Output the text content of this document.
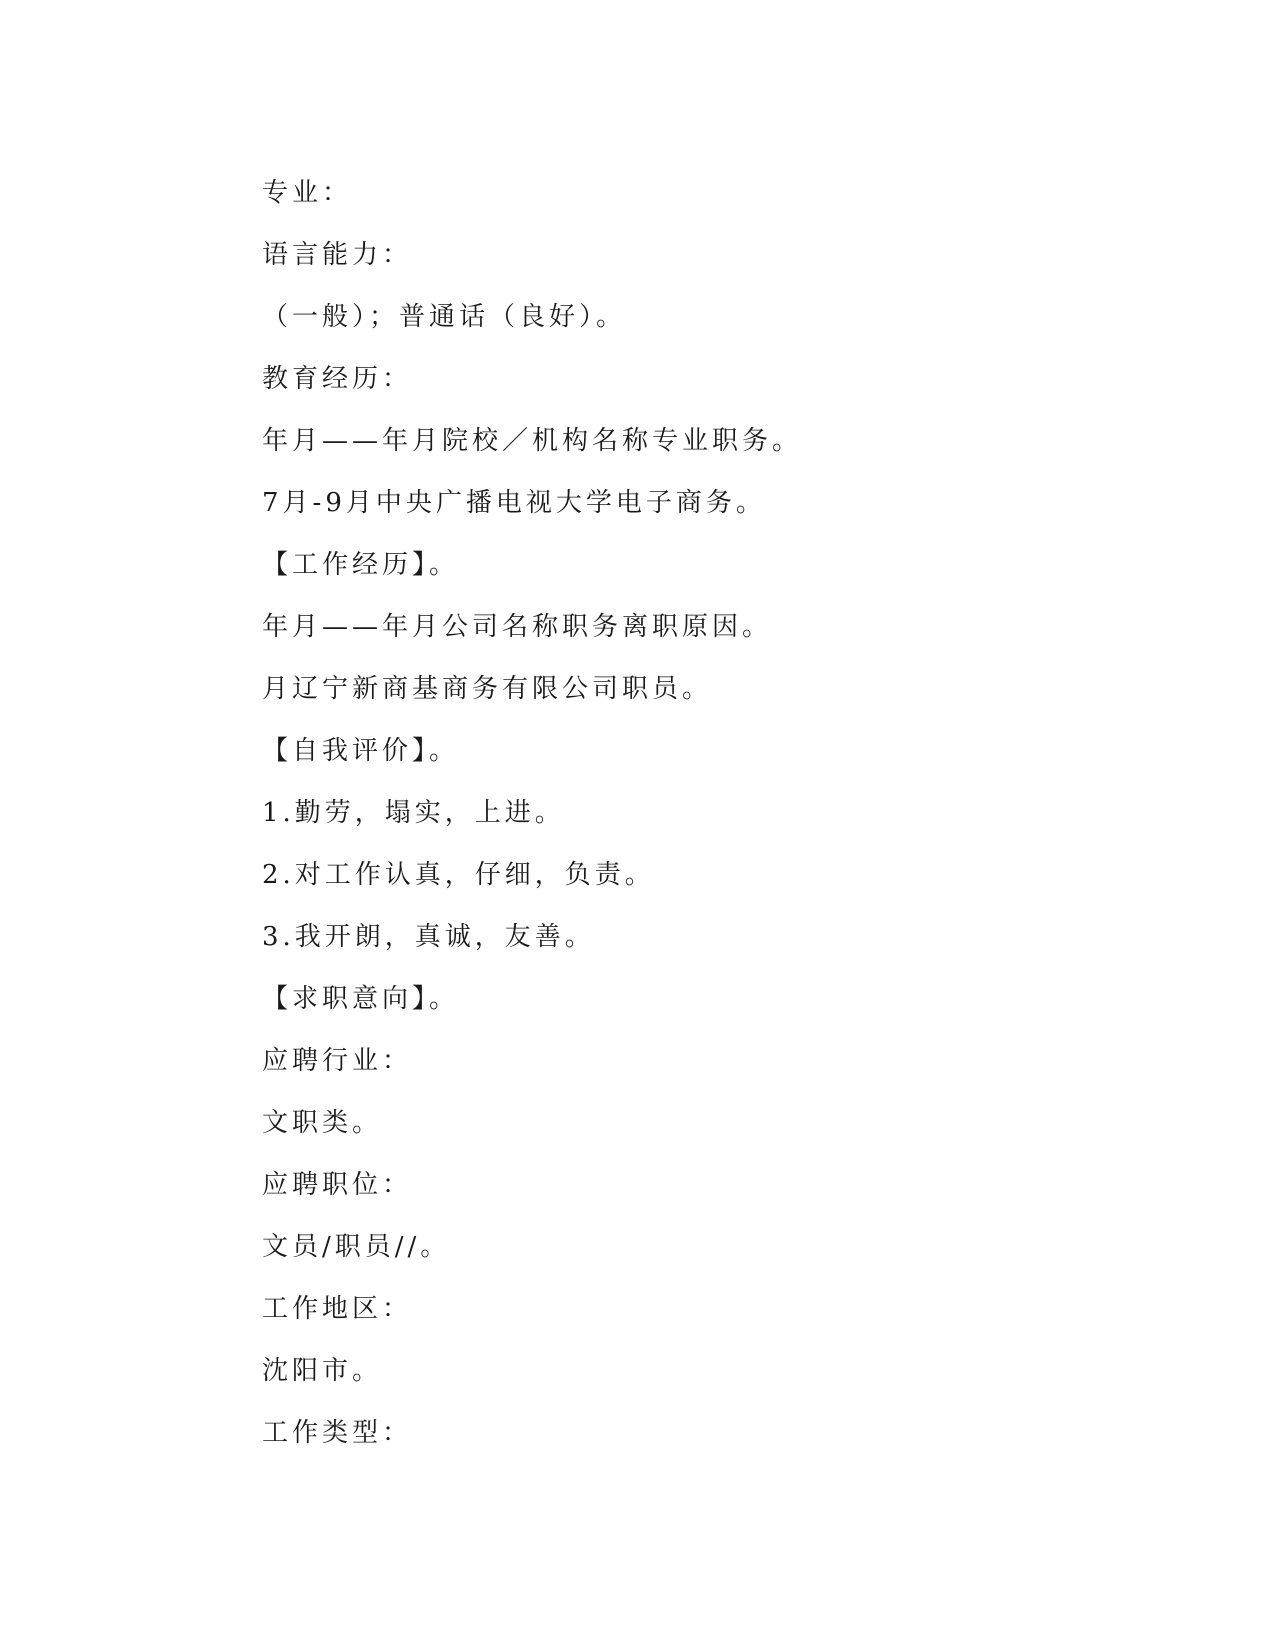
专业：
语言能力：
（一般）；普通话（良好）。
教育经历：
年月——年月院校／机构名称专业职务。
7月-9月中央广播电视大学电子商务。
【工作经历】。
年月——年月公司名称职务离职原因。
月辽宁新商基商务有限公司职员。
【自我评价】。
1.勤劳，塌实，上进。
2.对工作认真，仔细，负责。
3.我开朗，真诚，友善。
【求职意向】。
应聘行业：
文职类。
应聘职位：
文员/职员//。
工作地区：
沈阳市。
工作类型：
